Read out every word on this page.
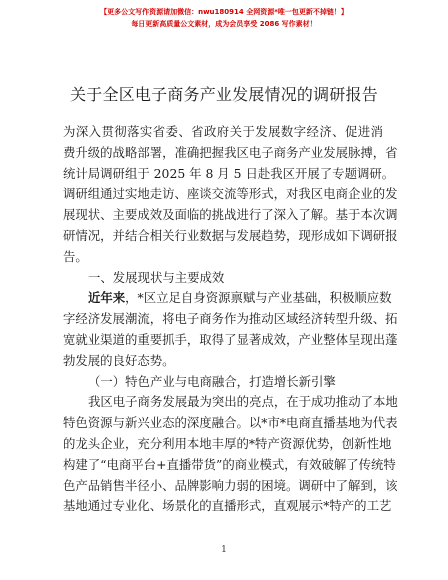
【更多公文写作资源请加微信：nwu180914 全网资源*唯一包更新不掉链！】
每日更新高质量公文素材，成为会员享受 2086 写作素材！
关于全区电子商务产业发展情况的调研报告
为深入贯彻落实省委、省政府关于发展数字经济、促进消
费升级的战略部署，准确把握我区电子商务产业发展脉搏，省
统计局调研组于 2025 年 8 月 5 日赴我区开展了专题调研。
调研组通过实地走访、座谈交流等形式，对我区电商企业的发
展现状、主要成效及面临的挑战进行了深入了解。基于本次调
研情况，并结合相关行业数据与发展趋势，现形成如下调研报
告。
一、发展现状与主要成效
近年来，*区立足自身资源禀赋与产业基础，积极顺应数
字经济发展潮流，将电子商务作为推动区域经济转型升级、拓
宽就业渠道的重要抓手，取得了显著成效，产业整体呈现出蓬
勃发展的良好态势。
（一）特色产业与电商融合，打造增长新引擎
我区电子商务发展最为突出的亮点，在于成功推动了本地
特色资源与新兴业态的深度融合。以*市*电商直播基地为代表
的龙头企业，充分利用本地丰厚的*特产资源优势，创新性地
构建了“电商平台+直播带货”的商业模式，有效破解了传统特
色产品销售半径小、品牌影响力弱的困境。调研中了解到，该
基地通过专业化、场景化的直播形式，直观展示*特产的工艺
1
